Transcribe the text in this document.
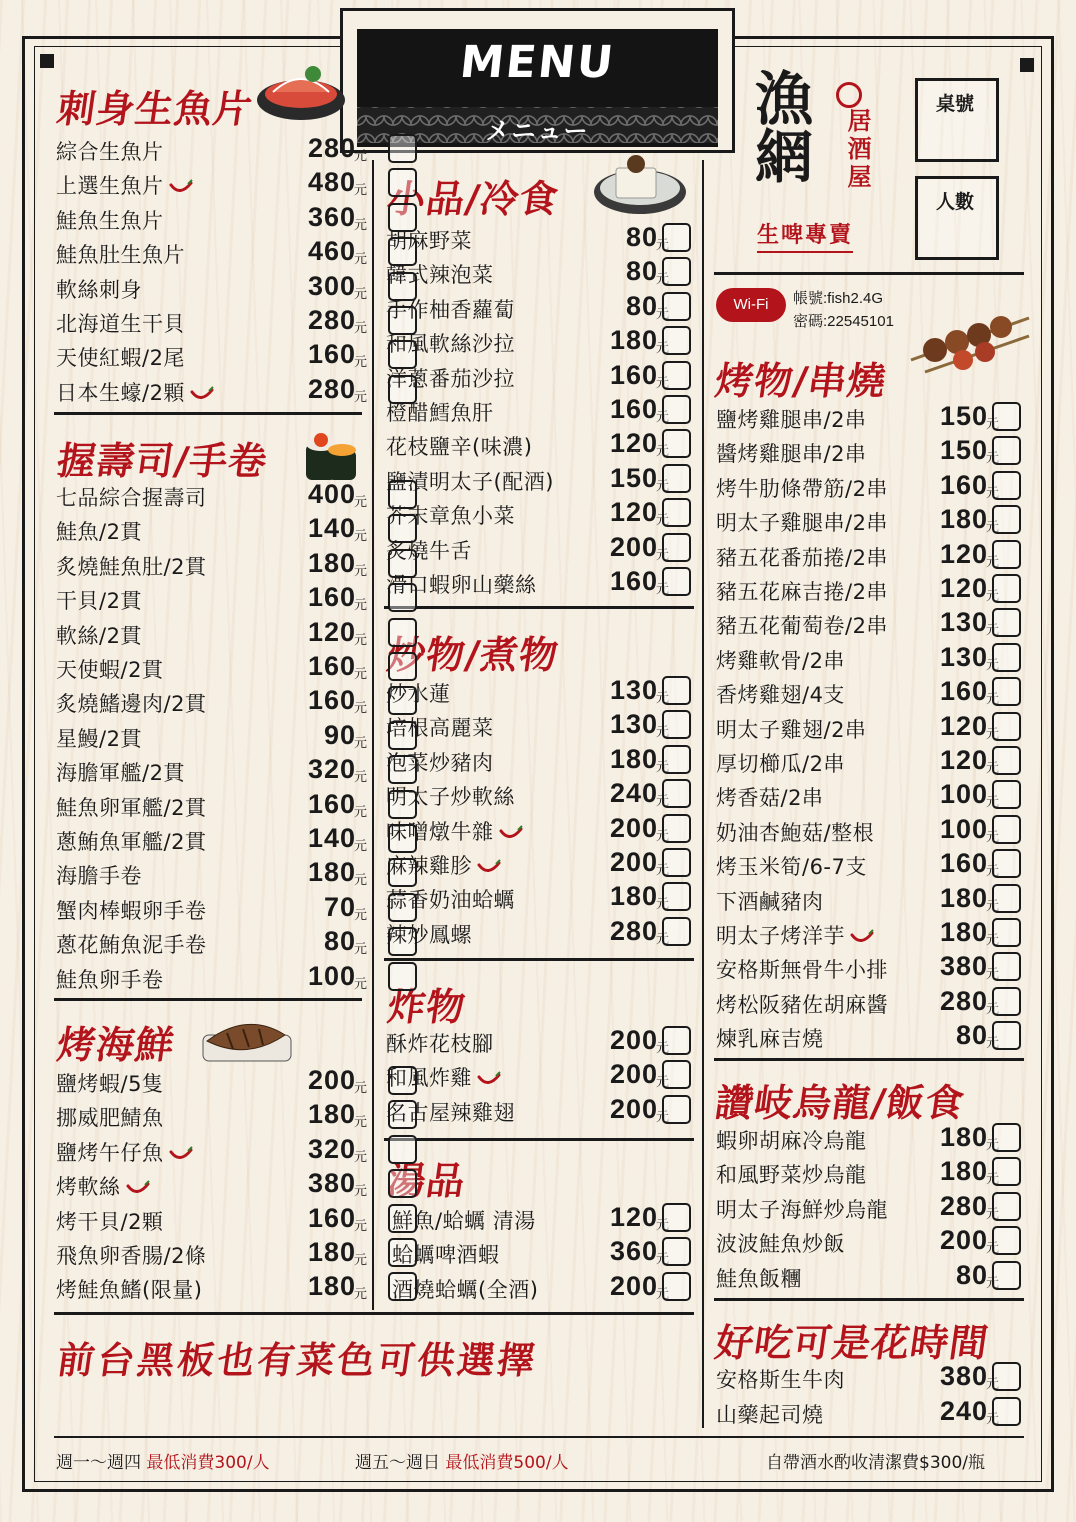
MENU
メニュー	漁網	居酒屋
生啤專賣
桌號
人數
Wi-Fi	帳號:fish2.4G
密碼:22545101
刺身生魚片
握壽司/手卷
烤海鮮
小品/冷食
炒物/煮物
炸物
湯品
烤物/串燒
讚岐烏龍/飯食
好吃可是花時間
前台黑板也有菜色可供選擇
綜合生魚片	280
元
上選生魚片	480
元
鮭魚生魚片	360
元
鮭魚肚生魚片	460
元
軟絲刺身	300
元
北海道生干貝	280
元
天使紅蝦/2尾	160
元
日本生蠔/2顆	280
元
七品綜合握壽司	400
元
鮭魚/2貫	140
元
炙燒鮭魚肚/2貫	180
元
干貝/2貫	160
元
軟絲/2貫	120
元
天使蝦/2貫	160
元
炙燒鰭邊肉/2貫	160
元
星鰻/2貫	90
元
海膽軍艦/2貫	320
元
鮭魚卵軍艦/2貫	160
元
蔥鮪魚軍艦/2貫	140
元
海膽手卷	180
元
蟹肉棒蝦卵手卷	70
元
蔥花鮪魚泥手卷	80
元
鮭魚卵手卷	100
元
鹽烤蝦/5隻	200
元
挪威肥鯖魚	180
元
鹽烤午仔魚	320
元
烤軟絲	380
元
烤干貝/2顆	160
元
飛魚卵香腸/2條	180
元
烤鮭魚鰭(限量)	180
元
胡麻野菜	80
元
韓式辣泡菜	80
元
手作柚香蘿蔔	80
元
和風軟絲沙拉	180
元
洋蔥番茄沙拉	160
元
橙醋鱈魚肝	160
元
花枝鹽辛(味濃)	120
元
鹽漬明太子(配酒) 150
元
芥末章魚小菜	120
元
炙燒牛舌	200
元
滑口蝦卵山藥絲	160
元
炒水蓮	130
元
培根高麗菜	130
元
泡菜炒豬肉	180
元
明太子炒軟絲	240
元
味噌燉牛雜	200
元
麻辣雞胗	200
元
蒜香奶油蛤蠣	180
元
辣炒鳳螺	280
元
酥炸花枝腳	200
元
和風炸雞	200
元
名古屋辣雞翅	200
元
鮮魚/蛤蠣 清湯	120
元
蛤蠣啤酒蝦	360
元
酒燒蛤蠣(全酒)	200
元
鹽烤雞腿串/2串	150
元
醬烤雞腿串/2串	150
元
烤牛肋條帶筋/2串 160
元
明太子雞腿串/2串 180
元
豬五花番茄捲/2串 120
元
豬五花麻吉捲/2串 120
元
豬五花葡萄卷/2串 130
元
烤雞軟骨/2串	130
元
香烤雞翅/4支	160
元
明太子雞翅/2串	120
元
厚切櫛瓜/2串	120
元
烤香菇/2串	100
元
奶油杏鮑菇/整根 100
元
烤玉米筍/6-7支	160
元
下酒鹹豬肉	180
元
明太子烤洋芋	180
元
安格斯無骨牛小排 380
元
烤松阪豬佐胡麻醬 280
元
煉乳麻吉燒	80
元
蝦卵胡麻冷烏龍	180
元
和風野菜炒烏龍	180
元
明太子海鮮炒烏龍 280
元
波波鮭魚炒飯	200
元
鮭魚飯糰	80
元
安格斯生牛肉	380
元
山藥起司燒	240
元
週一～週四 最低消費300/人	週五～週日 最低消費500/人	自帶酒水酌收清潔費$300/瓶
